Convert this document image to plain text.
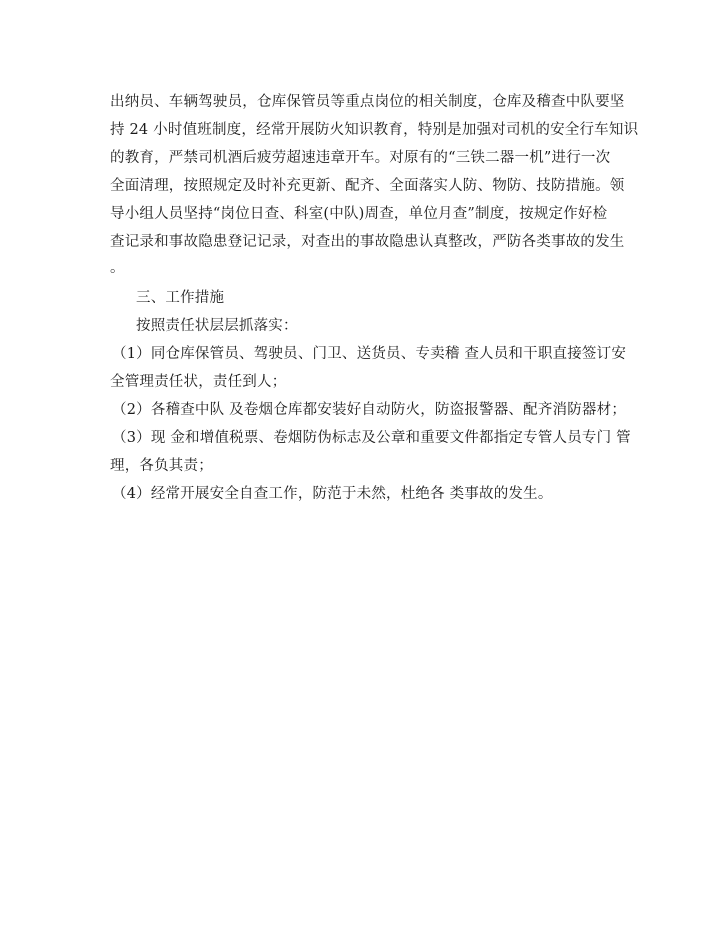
出纳员、车辆驾驶员，仓库保管员等重点岗位的相关制度，仓库及稽查中队要坚
持 24 小时值班制度，经常开展防火知识教育，特别是加强对司机的安全行车知识
的教育，严禁司机酒后疲劳超速违章开车。对原有的“三铁二器一机”进行一次
全面清理，按照规定及时补充更新、配齐、全面落实人防、物防、技防措施。领
导小组人员坚持“岗位日查、科室(中队)周查，单位月查”制度，按规定作好检
查记录和事故隐患登记记录，对查出的事故隐患认真整改，严防各类事故的发生
。
三、工作措施
按照责任状层层抓落实：
（1）同仓库保管员、驾驶员、门卫、送货员、专卖稽 查人员和干职直接签订安
全管理责任状，责任到人；
（2）各稽查中队 及卷烟仓库都安装好自动防火，防盗报警器、配齐消防器材；
（3）现 金和增值税票、卷烟防伪标志及公章和重要文件都指定专管人员专门 管
理，各负其责；
（4）经常开展安全自查工作，防范于未然，杜绝各 类事故的发生。
